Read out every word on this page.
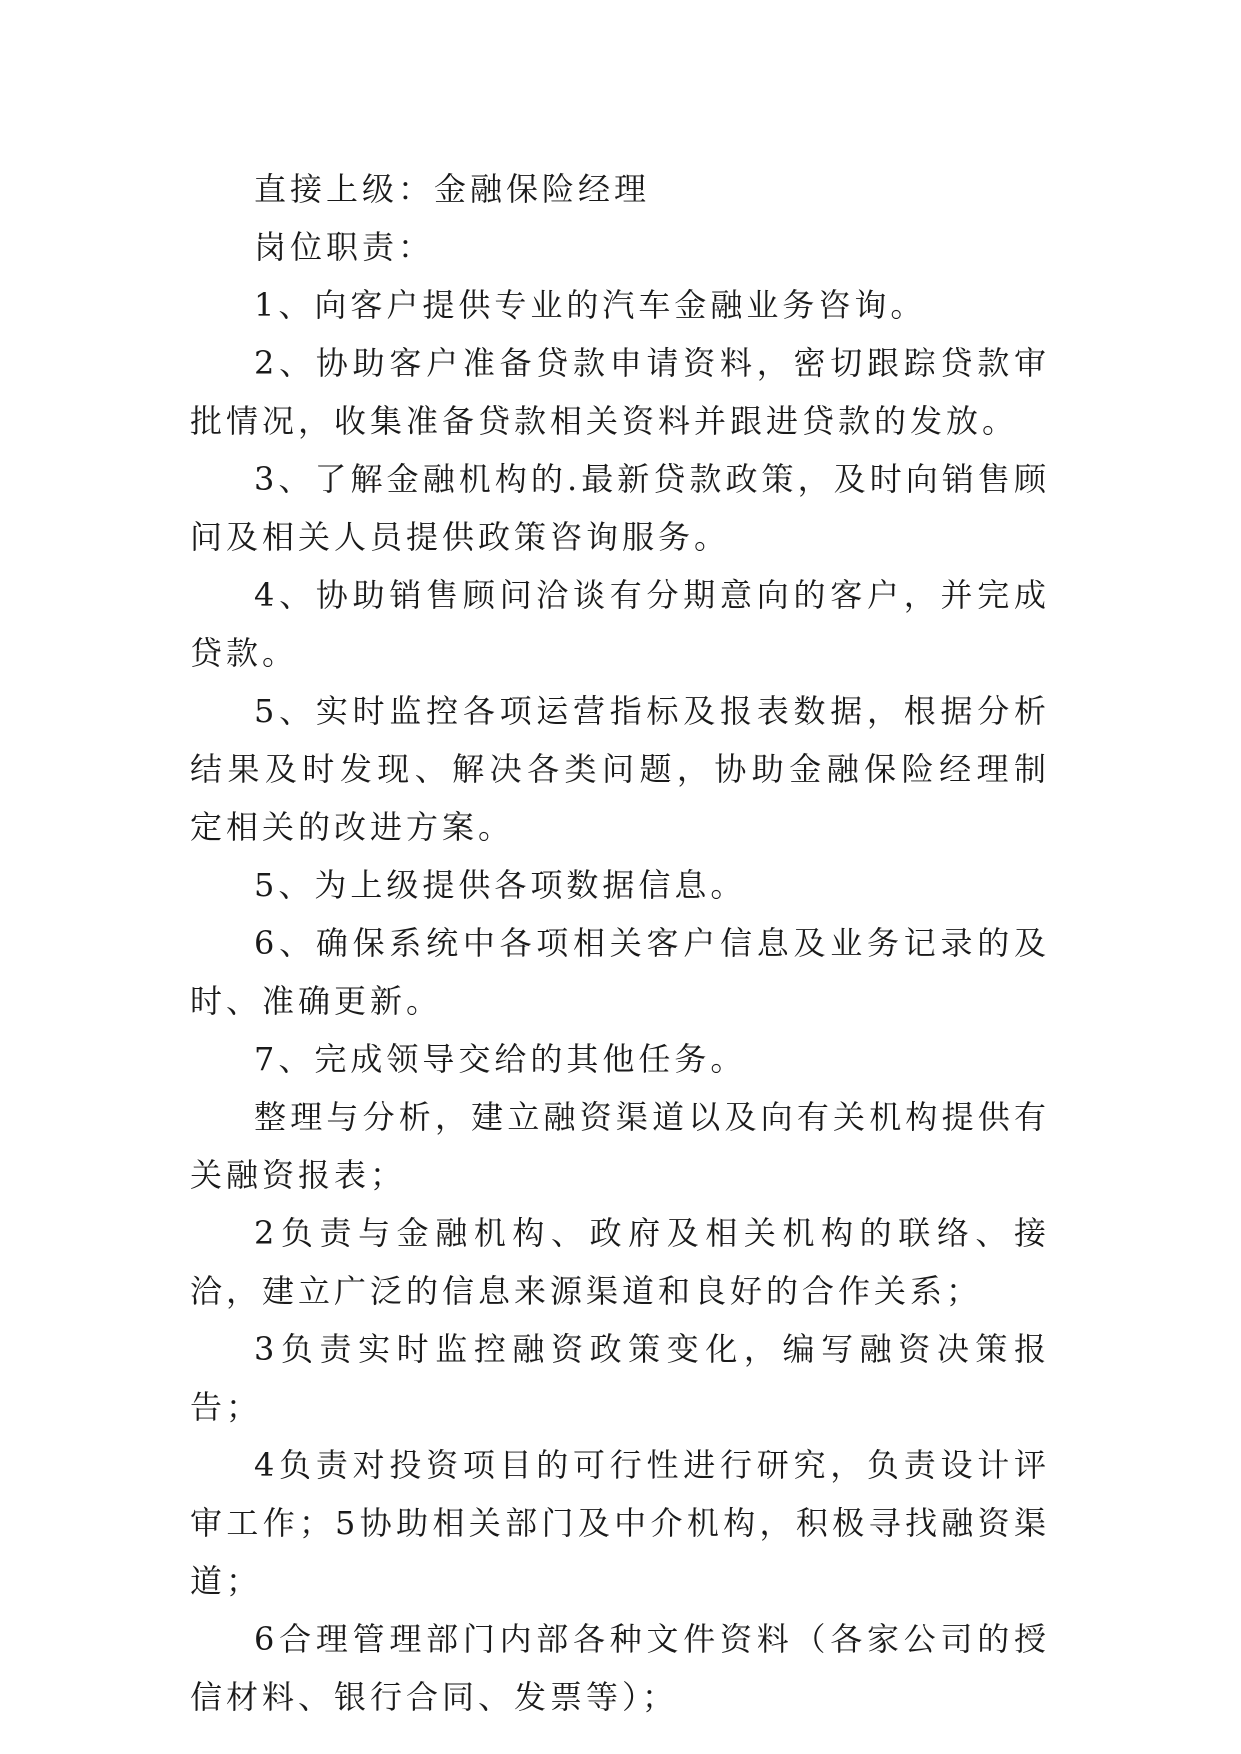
直接上级：金融保险经理

岗位职责：

1、向客户提供专业的汽车金融业务咨询。

2、协助客户准备贷款申请资料，密切跟踪贷款审批情况，收集准备贷款相关资料并跟进贷款的发放。

3、了解金融机构的.最新贷款政策，及时向销售顾问及相关人员提供政策咨询服务。

4、协助销售顾问洽谈有分期意向的客户，并完成贷款。

5、实时监控各项运营指标及报表数据，根据分析结果及时发现、解决各类问题，协助金融保险经理制定相关的改进方案。

5、为上级提供各项数据信息。

6、确保系统中各项相关客户信息及业务记录的及时、准确更新。

7、完成领导交给的其他任务。

整理与分析，建立融资渠道以及向有关机构提供有关融资报表；

2负责与金融机构、政府及相关机构的联络、接洽，建立广泛的信息来源渠道和良好的合作关系；

3负责实时监控融资政策变化，编写融资决策报告；

4负责对投资项目的可行性进行研究，负责设计评审工作；5协助相关部门及中介机构，积极寻找融资渠道；

6合理管理部门内部各种文件资料（各家公司的授信材料、银行合同、发票等）；
